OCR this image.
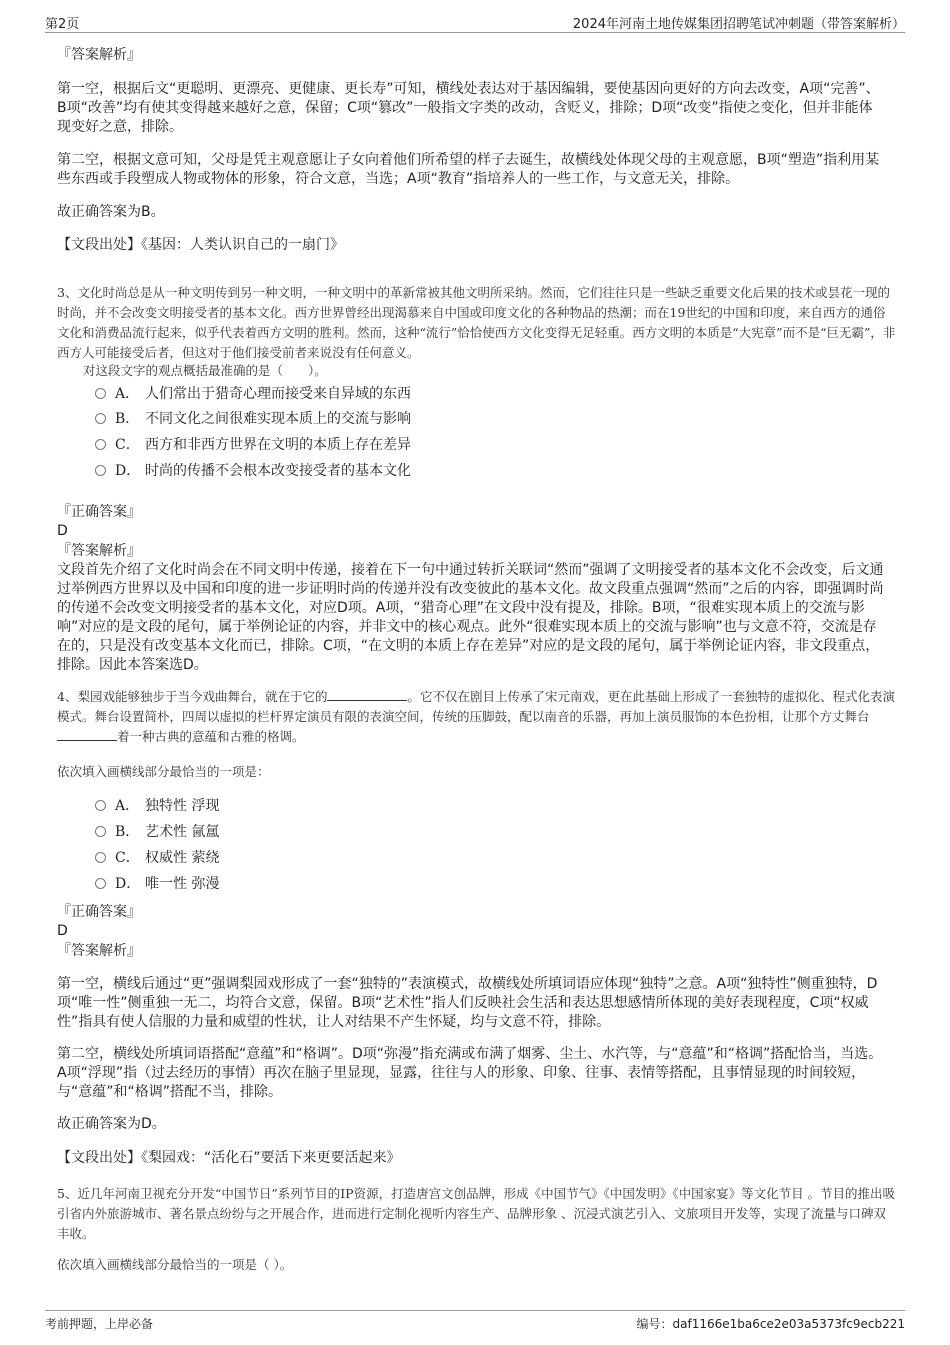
第2页	2024年河南土地传媒集团招聘笔试冲刺题（带答案解析）
『答案解析』
第一空，根据后文“更聪明、更漂亮、更健康、更长寿”可知，横线处表达对于基因编辑，要使基因向更好的方向去改变，A项“完善”、B项“改善”均有使其变得越来越好之意，保留；C项“篡改”一般指文字类的改动，含贬义，排除；D项“改变”指使之变化，但并非能体现变好之意，排除。
第二空，根据文意可知，父母是凭主观意愿让子女向着他们所希望的样子去诞生，故横线处体现父母的主观意愿，B项“塑造”指利用某些东西或手段塑成人物或物体的形象，符合文意，当选；A项“教育”指培养人的一些工作，与文意无关，排除。
故正确答案为B。
【文段出处】《基因：人类认识自己的一扇门》
3、文化时尚总是从一种文明传到另一种文明，一种文明中的革新常被其他文明所采纳。然而，它们往往只是一些缺乏重要文化后果的技术或昙花一现的时尚，并不会改变文明接受者的基本文化。西方世界曾经出现渴慕来自中国或印度文化的各种物品的热潮；而在19世纪的中国和印度，来自西方的通俗文化和消费品流行起来，似乎代表着西方文明的胜利。然而，这种“流行”恰恰使西方文化变得无足轻重。西方文明的本质是“大宪章”而不是“巨无霸”，非西方人可能接受后者，但这对于他们接受前者来说没有任何意义。
对这段文字的观点概括最准确的是（　　）。
A． 人们常出于猎奇心理而接受来自异域的东西
B． 不同文化之间很难实现本质上的交流与影响
C． 西方和非西方世界在文明的本质上存在差异
D． 时尚的传播不会根本改变接受者的基本文化
『正确答案』
D
『答案解析』
文段首先介绍了文化时尚会在不同文明中传递，接着在下一句中通过转折关联词“然而”强调了文明接受者的基本文化不会改变，后文通过举例西方世界以及中国和印度的进一步证明时尚的传递并没有改变彼此的基本文化。故文段重点强调“然而”之后的内容，即强调时尚的传递不会改变文明接受者的基本文化，对应D项。A项，“猎奇心理”在文段中没有提及，排除。B项，“很难实现本质上的交流与影响”对应的是文段的尾句，属于举例论证的内容，并非文中的核心观点。此外“很难实现本质上的交流与影响”也与文意不符，交流是存在的，只是没有改变基本文化而已，排除。C项，“在文明的本质上存在差异”对应的是文段的尾句，属于举例论证内容，非文段重点，排除。因此本答案选D。
4、梨园戏能够独步于当今戏曲舞台，就在于它的	。它不仅在剧目上传承了宋元南戏，更在此基础上形成了一套独特的虚拟化、程式化表演模式。舞台设置简朴，四周以虚拟的栏杆界定演员有限的表演空间，传统的压脚鼓，配以南音的乐器，再加上演员服饰的本色扮相，让那个方丈舞台着一种古典的意蕴和古雅的格调。
依次填入画横线部分最恰当的一项是：
A． 独特性 浮现
B． 艺术性 氤氲
C． 权威性 萦绕
D． 唯一性 弥漫
『正确答案』
D
『答案解析』
第一空，横线后通过“更”强调梨园戏形成了一套“独特的”表演模式，故横线处所填词语应体现“独特”之意。A项“独特性”侧重独特，D项“唯一性”侧重独一无二，均符合文意，保留。B项“艺术性”指人们反映社会生活和表达思想感情所体现的美好表现程度，C项“权威性”指具有使人信服的力量和威望的性状，让人对结果不产生怀疑，均与文意不符，排除。
第二空，横线处所填词语搭配“意蕴”和“格调”。D项“弥漫”指充满或布满了烟雾、尘土、水汽等，与“意蕴”和“格调”搭配恰当，当选。A项“浮现”指（过去经历的事情）再次在脑子里显现，显露，往往与人的形象、印象、往事、表情等搭配，且事情显现的时间较短，与“意蕴”和“格调”搭配不当，排除。
故正确答案为D。
【文段出处】《梨园戏：“活化石”要活下来更要活起来》
5、近几年河南卫视充分开发“中国节日”系列节目的IP资源，打造唐宫文创品牌，形成《中国节气》《中国发明》《中国家宴》等文化节目 。节目的推出吸引省内外旅游城市、著名景点纷纷与之开展合作，进而进行定制化视听内容生产、品牌形象 、沉浸式演艺引入、文旅项目开发等，实现了流量与口碑双丰收。
依次填入画横线部分最恰当的一项是（ ）。
考前押题，上岸必备	编号：daf1166e1ba6ce2e03a5373fc9ecb221
